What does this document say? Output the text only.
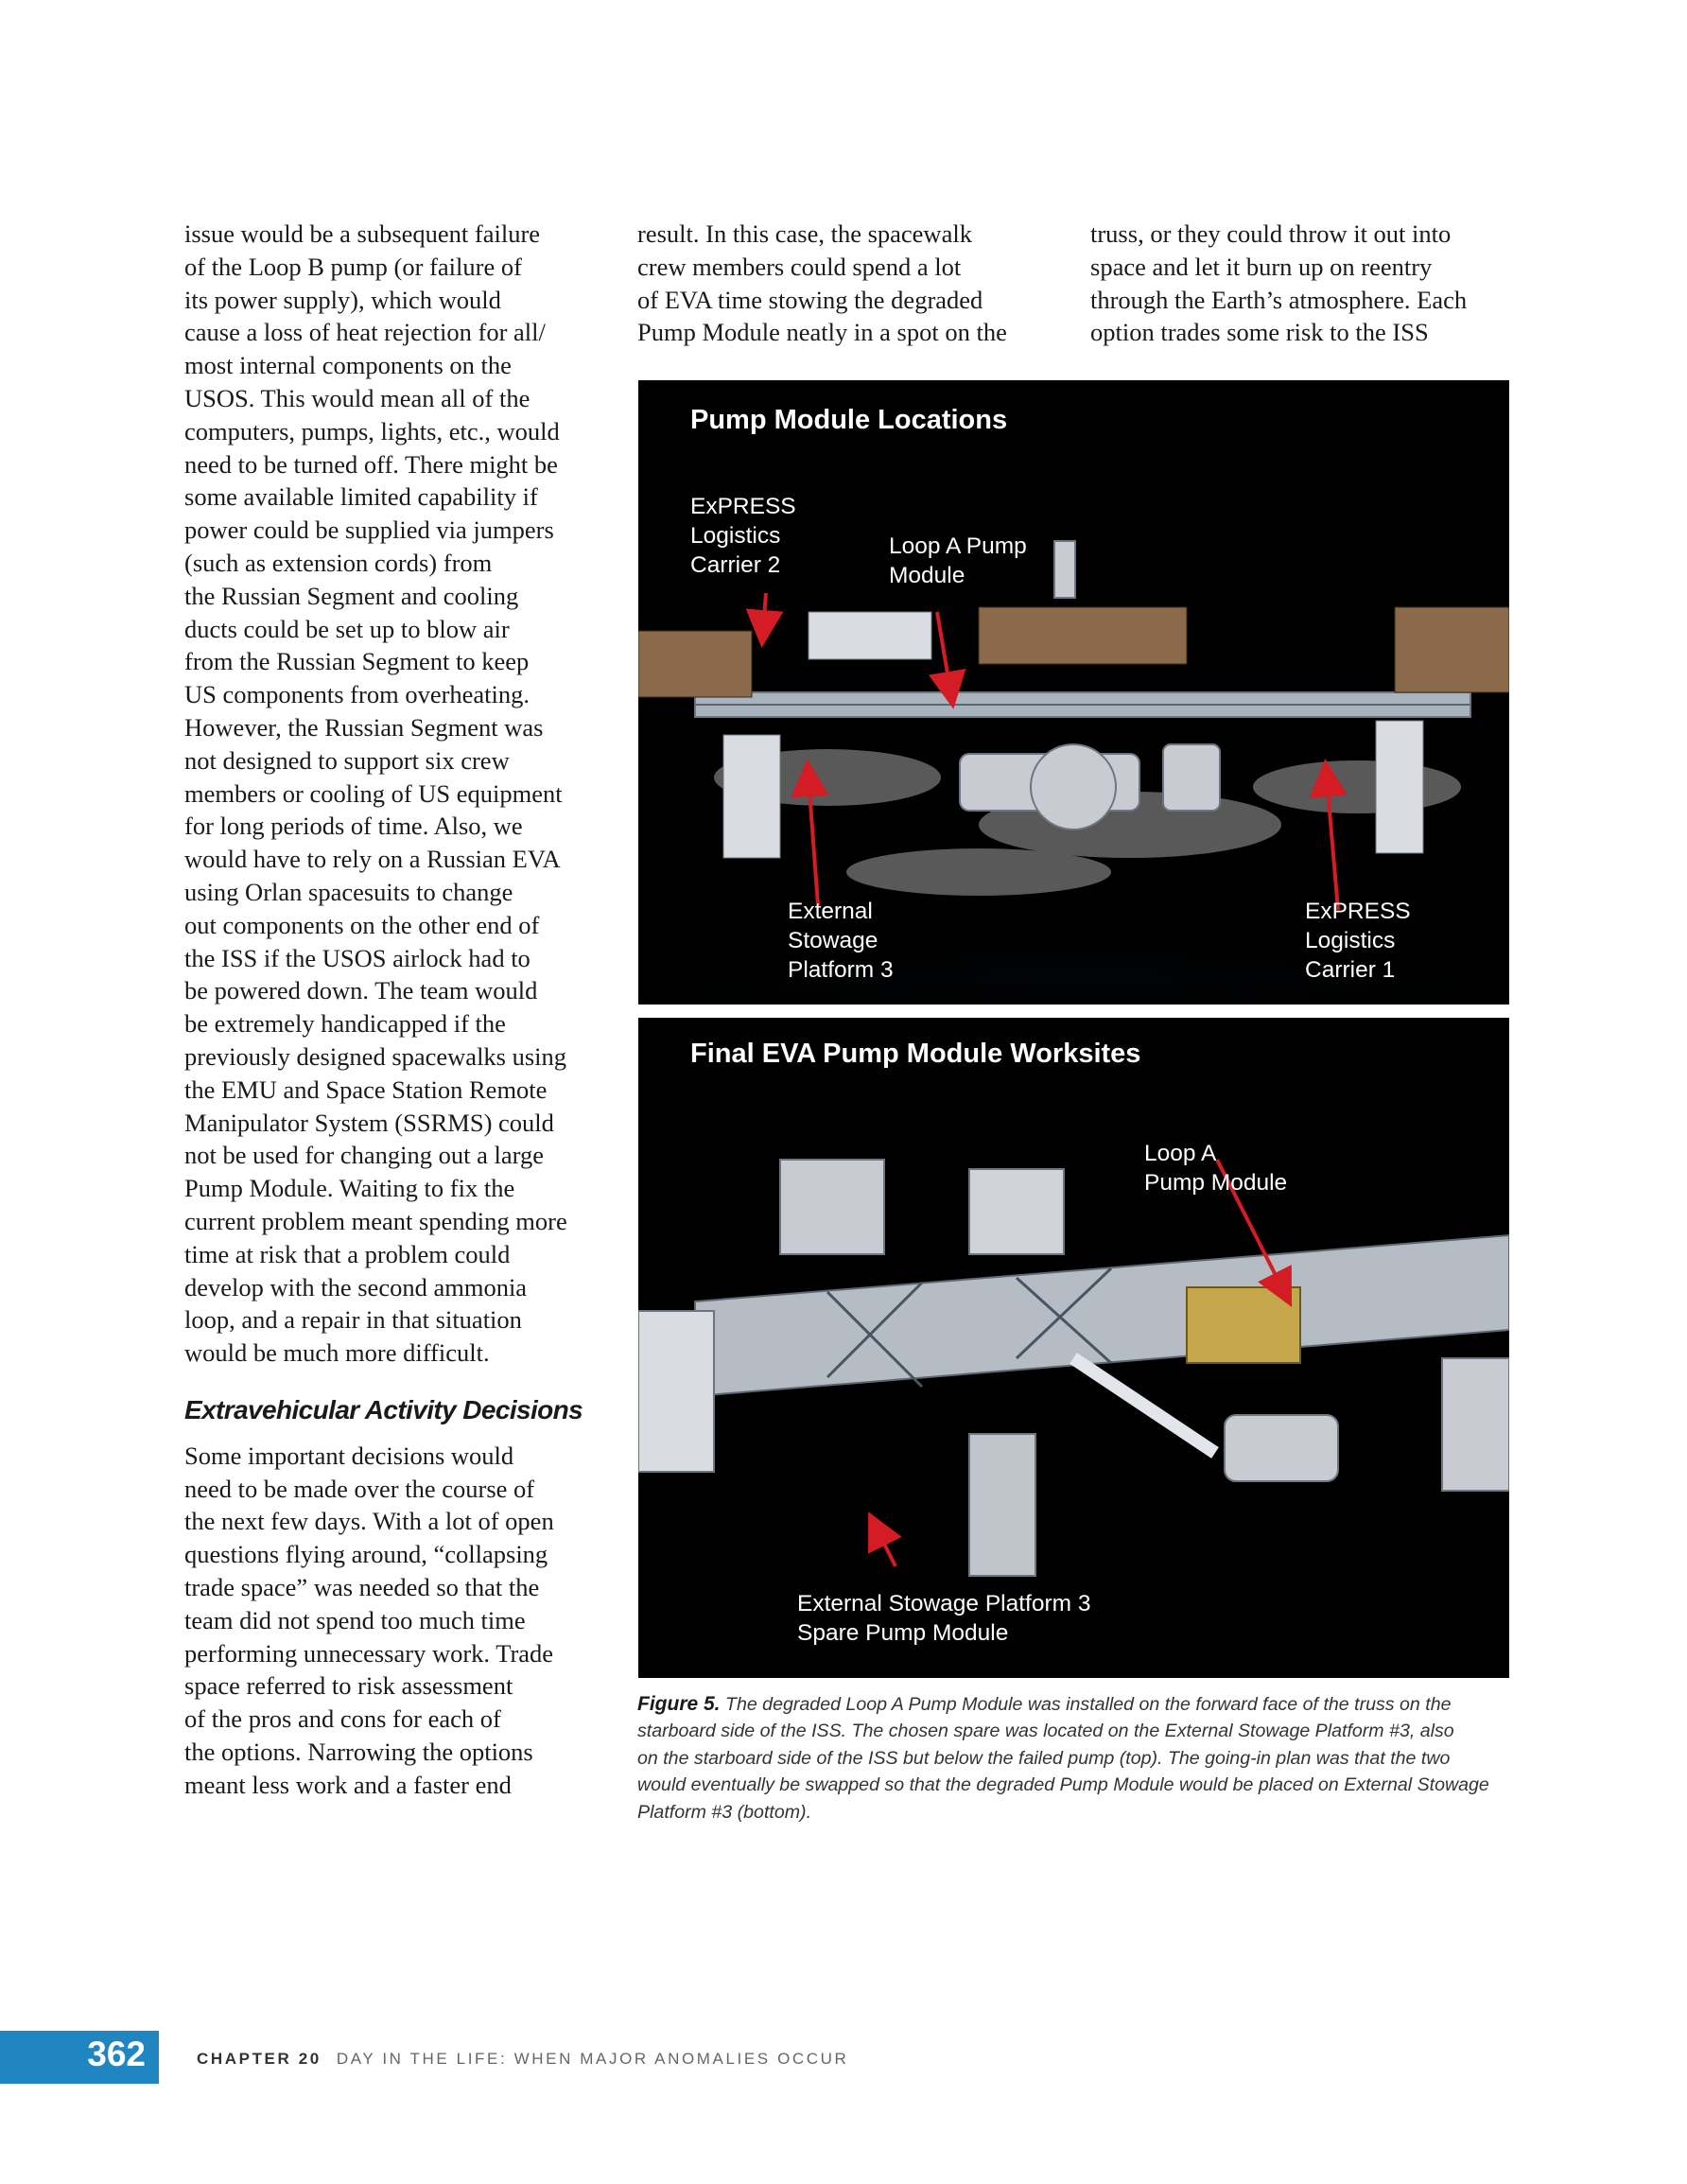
issue would be a subsequent failure
of the Loop B pump (or failure of
its power supply), which would
cause a loss of heat rejection for all/
most internal components on the
USOS. This would mean all of the
computers, pumps, lights, etc., would
need to be turned off. There might be
some available limited capability if
power could be supplied via jumpers
(such as extension cords) from
the Russian Segment and cooling
ducts could be set up to blow air
from the Russian Segment to keep
US components from overheating.
However, the Russian Segment was
not designed to support six crew
members or cooling of US equipment
for long periods of time. Also, we
would have to rely on a Russian EVA
using Orlan spacesuits to change
out components on the other end of
the ISS if the USOS airlock had to
be powered down. The team would
be extremely handicapped if the
previously designed spacewalks using
the EMU and Space Station Remote
Manipulator System (SSRMS) could
not be used for changing out a large
Pump Module. Waiting to fix the
current problem meant spending more
time at risk that a problem could
develop with the second ammonia
loop, and a repair in that situation
would be much more difficult.
Extravehicular Activity Decisions
Some important decisions would
need to be made over the course of
the next few days. With a lot of open
questions flying around, “collapsing
trade space” was needed so that the
team did not spend too much time
performing unnecessary work. Trade
space referred to risk assessment
of the pros and cons for each of
the options. Narrowing the options
meant less work and a faster end
result. In this case, the spacewalk
crew members could spend a lot
of EVA time stowing the degraded
Pump Module neatly in a spot on the
truss, or they could throw it out into
space and let it burn up on reentry
through the Earth’s atmosphere. Each
option trades some risk to the ISS
Pump Module Locations
ExPRESS
Logistics
Carrier 2
Loop A Pump
Module
External
Stowage
Platform 3
ExPRESS
Logistics
Carrier 1
Final EVA Pump Module Worksites
Loop A
Pump Module
External Stowage Platform 3
Spare Pump Module
Figure 5. The degraded Loop A Pump Module was installed on the forward face of the truss on the
starboard side of the ISS. The chosen spare was located on the External Stowage Platform #3, also
on the starboard side of the ISS but below the failed pump (top). The going-in plan was that the two
would eventually be swapped so that the degraded Pump Module would be placed on External Stowage
Platform #3 (bottom).
362	CHAPTER 20 DAY IN THE LIFE: WHEN MAJOR ANOMALIES OCCUR
